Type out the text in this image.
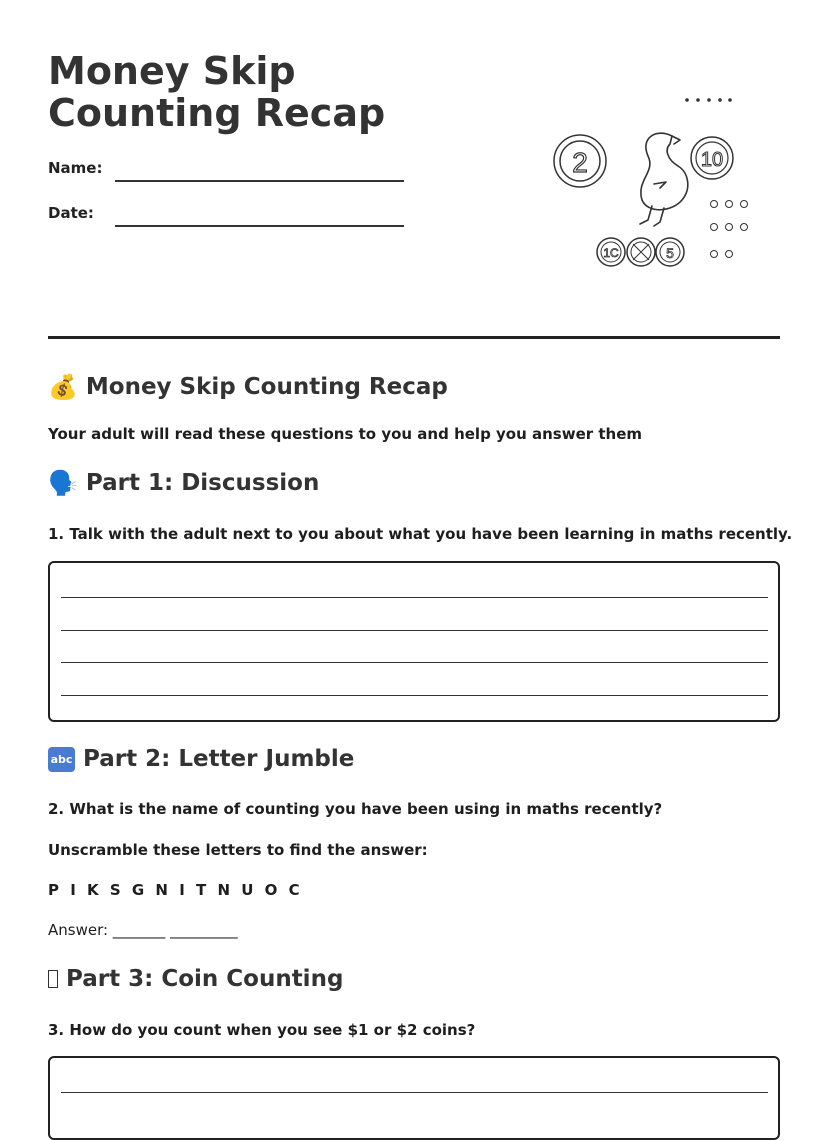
Money Skip Counting Recap
Name:
Date:
2	10
1C	5
💰 Money Skip Counting Recap
Your adult will read these questions to you and help you answer them
🗣️ Part 1: Discussion
1. Talk with the adult next to you about what you have been learning in maths recently.
abc Part 2: Letter Jumble
2. What is the name of counting you have been using in maths recently?
Unscramble these letters to find the answer:
P I K S G N I T N U O C
Answer: _______ _________
Part 3: Coin Counting
3. How do you count when you see $1 or $2 coins?
